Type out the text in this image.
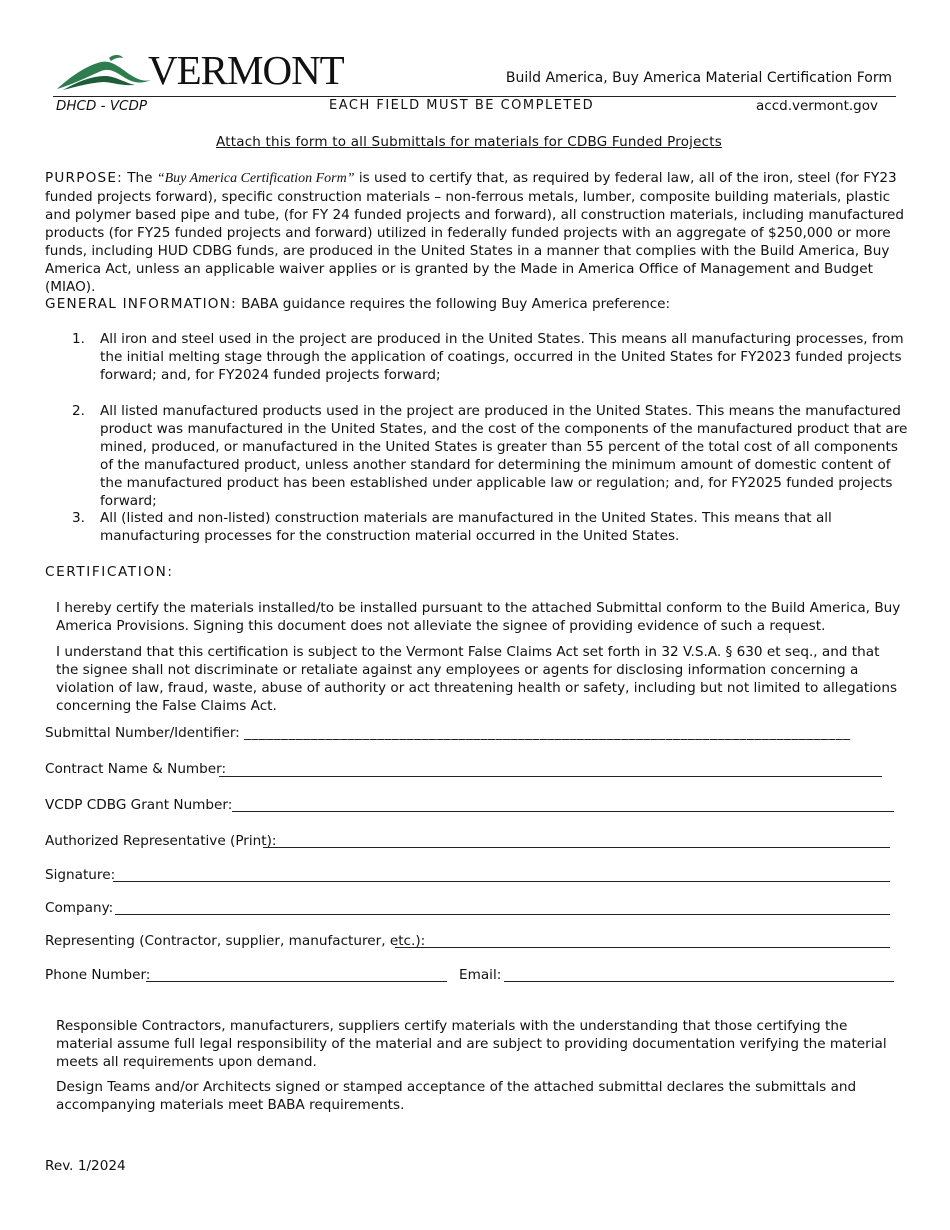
VERMONT	Build America, Buy America Material Certification Form
DHCD - VCDP	EACH FIELD MUST BE COMPLETED	accd.vermont.gov
Attach this form to all Submittals for materials for CDBG Funded Projects
PURPOSE: The “Buy America Certification Form” is used to certify that, as required by federal law, all of the iron, steel (for FY23 funded projects forward), specific construction materials – non-ferrous metals, lumber, composite building materials, plastic and polymer based pipe and tube, (for FY 24 funded projects and forward), all construction materials, including manufactured products (for FY25 funded projects and forward) utilized in federally funded projects with an aggregate of $250,000 or more funds, including HUD CDBG funds, are produced in the United States in a manner that complies with the Build America, Buy America Act, unless an applicable waiver applies or is granted by the Made in America Office of Management and Budget (MIAO).
GENERAL INFORMATION: BABA guidance requires the following Buy America preference:
1.	All iron and steel used in the project are produced in the United States. This means all manufacturing processes, from the initial melting stage through the application of coatings, occurred in the United States for FY2023 funded projects forward; and, for FY2024 funded projects forward;
2.	All listed manufactured products used in the project are produced in the United States. This means the manufactured product was manufactured in the United States, and the cost of the components of the manufactured product that are mined, produced, or manufactured in the United States is greater than 55 percent of the total cost of all components of the manufactured product, unless another standard for determining the minimum amount of domestic content of the manufactured product has been established under applicable law or regulation; and, for FY2025 funded projects forward;
3.	All (listed and non-listed) construction materials are manufactured in the United States. This means that all manufacturing processes for the construction material occurred in the United States.
CERTIFICATION:
I hereby certify the materials installed/to be installed pursuant to the attached Submittal conform to the Build America, Buy America Provisions. Signing this document does not alleviate the signee of providing evidence of such a request.
I understand that this certification is subject to the Vermont False Claims Act set forth in 32 V.S.A. § 630 et seq., and that the signee shall not discriminate or retaliate against any employees or agents for disclosing information concerning a violation of law, fraud, waste, abuse of authority or act threatening health or safety, including but not limited to allegations concerning the False Claims Act.
Submittal Number/Identifier: __________________________________________________________________________________
Contract Name & Number:
VCDP CDBG Grant Number:
Authorized Representative (Print):
Signature:
Company:
Representing (Contractor, supplier, manufacturer, etc.):
Phone Number:	Email:
Responsible Contractors, manufacturers, suppliers certify materials with the understanding that those certifying the material assume full legal responsibility of the material and are subject to providing documentation verifying the material meets all requirements upon demand.
Design Teams and/or Architects signed or stamped acceptance of the attached submittal declares the submittals and accompanying materials meet BABA requirements.
Rev. 1/2024
